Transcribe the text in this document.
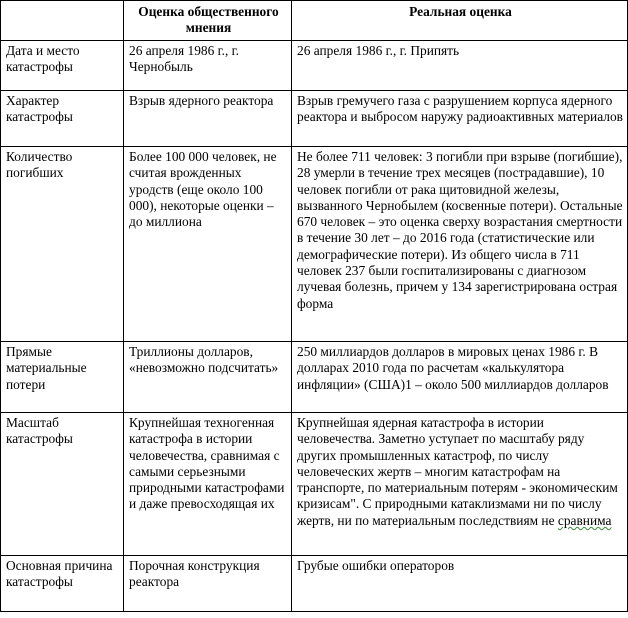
	Оценка общественного мнения	Реальная оценка
Дата и место катастрофы	26 апреля 1986 г., г. Чернобыль	26 апреля 1986 г., г. Припять
Характер катастрофы	Взрыв ядерного реактора	Взрыв гремучего газа с разрушением корпуса ядерного реактора и выбросом наружу радиоактивных материалов
Количество погибших	Более 100 000 человек, не считая врожденных уродств (еще около 100 000), некоторые оценки – до миллиона	Не более 711 человек: 3 погибли при взрыве (погибшие), 28 умерли в течение трех месяцев (пострадавшие), 10 человек погибли от рака щитовидной железы, вызванного Чернобылем (косвенные потери). Остальные 670 человек – это оценка сверху возрастания смертности в течение 30 лет – до 2016 года (статистические или демографические потери). Из общего числа в 711 человек 237 были госпитализированы с диагнозом лучевая болезнь, причем у 134 зарегистрирована острая форма
Прямые материальные потери	Триллионы долларов, «невозможно подсчитать»	250 миллиардов долларов в мировых ценах 1986 г. В долларах 2010 года по расчетам «калькулятора инфляции» (США)1 – около 500 миллиардов долларов
Масштаб катастрофы	Крупнейшая техногенная катастрофа в истории человечества, сравнимая с самыми серьезными природными катастрофами и даже превосходящая их	Крупнейшая ядерная катастрофа в истории человечества. Заметно уступает по масштабу ряду других промышленных катастроф, по числу человеческих жертв – многим катастрофам на транспорте, по материальным потерям - экономическим кризисам". С природными катаклизмами ни по числу жертв, ни по материальным последствиям не сравнима
Основная причина катастрофы	Порочная конструкция реактора	Грубые ошибки операторов
